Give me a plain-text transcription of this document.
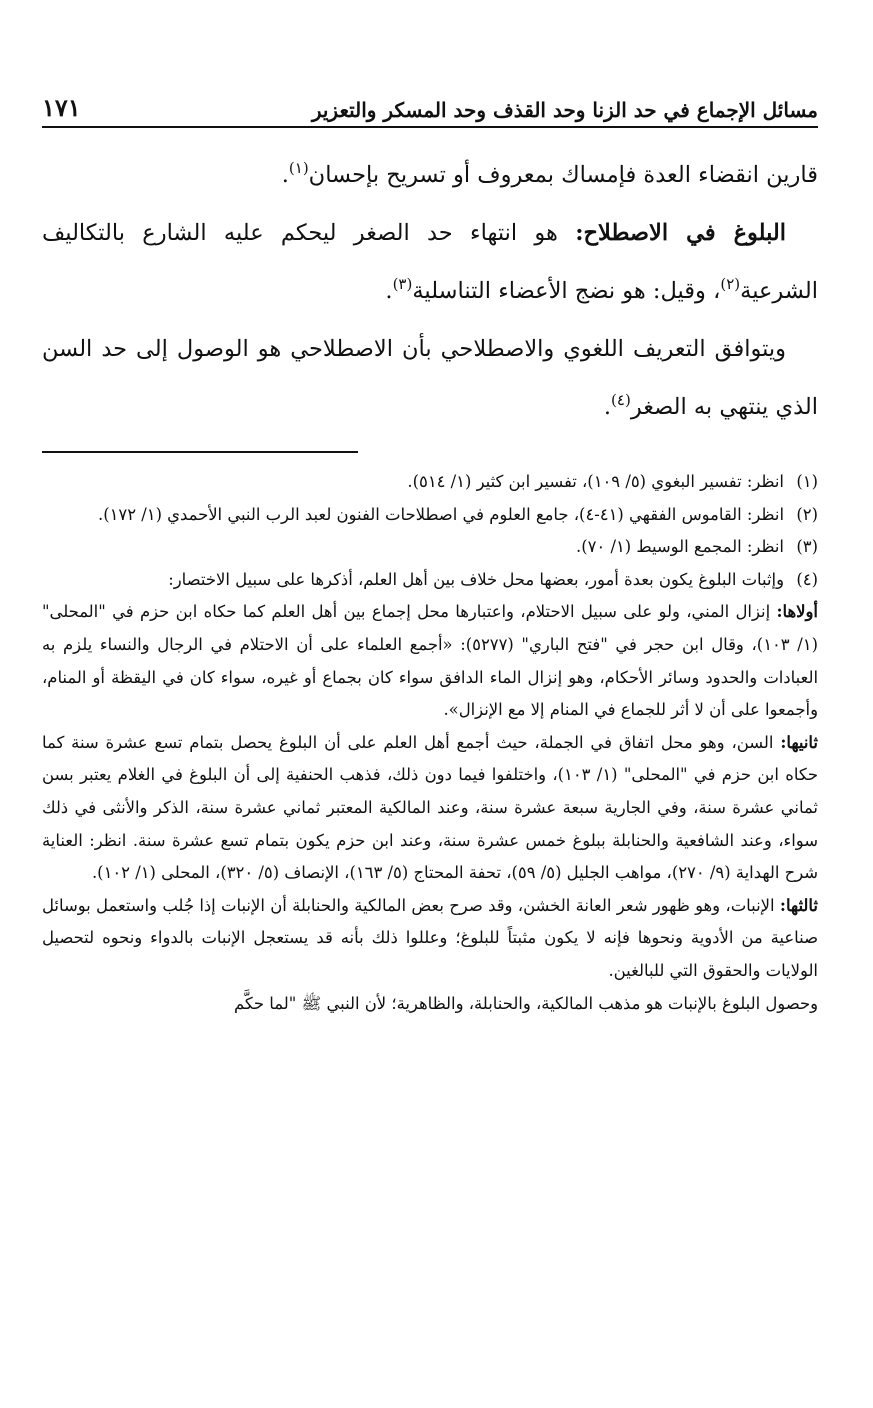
مسائل الإجماع في حد الزنا وحد القذف وحد المسكر والتعزير
١٧١

قارين انقضاء العدة فإمساك بمعروف أو تسريح بإحسان$^{(١)}$.

البلوغ في الاصطلاح: هو انتهاء حد الصغر ليحكم عليه الشارع بالتكاليف الشرعية$^{(٢)}$، وقيل: هو نضج الأعضاء التناسلية$^{(٣)}$.

ويتوافق التعريف اللغوي والاصطلاحي بأن الاصطلاحي هو الوصول إلى حد السن الذي ينتهي به الصغر$^{(٤)}$.

(١)
انظر: تفسير البغوي (٥/ ١٠٩)، تفسير ابن كثير (١/ ٥١٤).
(٢)
انظر: القاموس الفقهي (٤١-٤)، جامع العلوم في اصطلاحات الفنون لعبد الرب النبي الأحمدي (١/ ١٧٢).
(٣)
انظر: المجمع الوسيط (١/ ٧٠).
(٤)
وإثبات البلوغ يكون بعدة أمور، بعضها محل خلاف بين أهل العلم، أذكرها على سبيل الاختصار:

أولاها: إنزال المني، ولو على سبيل الاحتلام، واعتبارها محل إجماع بين أهل العلم كما حكاه ابن حزم في "المحلى" (١/ ١٠٣)، وقال ابن حجر في "فتح الباري" (٥٢٧٧): «أجمع العلماء على أن الاحتلام في الرجال والنساء يلزم به العبادات والحدود وسائر الأحكام، وهو إنزال الماء الدافق سواء كان بجماع أو غيره، سواء كان في اليقظة أو المنام، وأجمعوا على أن لا أثر للجماع في المنام إلا مع الإنزال».

ثانيها: السن، وهو محل اتفاق في الجملة، حيث أجمع أهل العلم على أن البلوغ يحصل بتمام تسع عشرة سنة كما حكاه ابن حزم في "المحلى" (١/ ١٠٣)، واختلفوا فيما دون ذلك، فذهب الحنفية إلى أن البلوغ في الغلام يعتبر بسن ثماني عشرة سنة، وفي الجارية سبعة عشرة سنة، وعند المالكية المعتبر ثماني عشرة سنة، الذكر والأنثى في ذلك سواء، وعند الشافعية والحنابلة ببلوغ خمس عشرة سنة، وعند ابن حزم يكون بتمام تسع عشرة سنة. انظر: العناية شرح الهداية (٩/ ٢٧٠)، مواهب الجليل (٥/ ٥٩)، تحفة المحتاج (٥/ ١٦٣)، الإنصاف (٥/ ٣٢٠)، المحلى (١/ ١٠٢).

ثالثها: الإنبات، وهو ظهور شعر العانة الخشن، وقد صرح بعض المالكية والحنابلة أن الإنبات إذا جُلب واستعمل بوسائل صناعية من الأدوية ونحوها فإنه لا يكون مثبتاً للبلوغ؛ وعللوا ذلك بأنه قد يستعجل الإنبات بالدواء ونحوه لتحصيل الولايات والحقوق التي للبالغين.

وحصول البلوغ بالإنبات هو مذهب المالكية، والحنابلة، والظاهرية؛ لأن النبي ﷺ "لما حكَّم
